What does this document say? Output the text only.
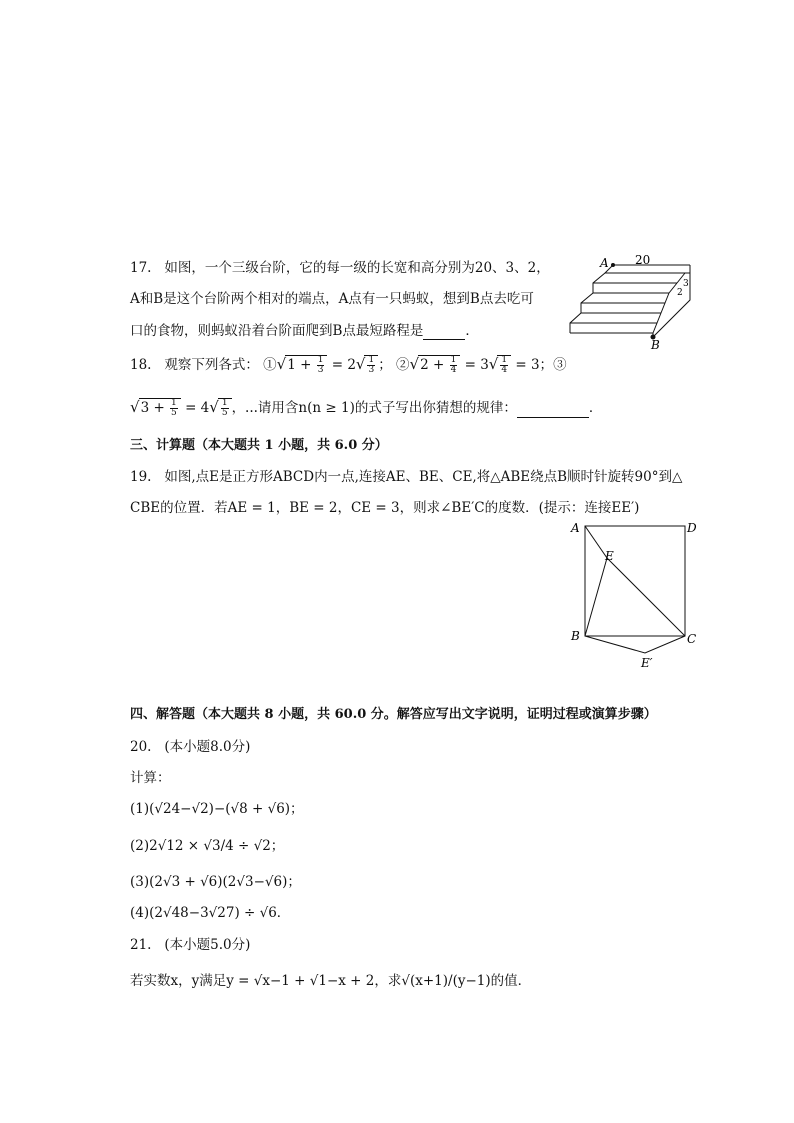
17. 如图，一个三级台阶，它的每一级的长宽和高分别为20、3、2，
A和B是这个台阶两个相对的端点，A点有一只蚂蚁，想到B点去吃可
口的食物，则蚂蚁沿着台阶面爬到B点最短路程是	．
A
B
20
3
2
18. 观察下列各式： ①√1 + $\frac{1}{3} = 2√ \frac{1}{3}$ ； ②√2 + $\frac{1}{4} = 3√ \frac{1}{4} = 3$；③
$√3 + \frac{1}{5} = 4√ \frac{1}{5}$ ，...请用含n(n ≥ 1)的式子写出你猜想的规律：	．
三、计算题（本大题共 1 小题，共 6.0 分）
19. 如图,点E是正方形ABCD内一点,连接AE、BE、CE,将△ABE绕点B顺时针旋转90°到△
CBE的位置．若AE = 1，BE = 2，CE = 3，则求∠BE′C的度数．(提示：连接EE′)
A	D
E
B	C
E′
四、解答题（本大题共 8 小题，共 60.0 分。解答应写出文字说明，证明过程或演算步骤）
20. (本小题8.0分)
计算：
(1)(√24−√2)−(√8 + √6)；
(2)2√12 × √3/4 ÷ √2；
(3)(2√3 + √6)(2√3−√6)；
(4)(2√48−3√27) ÷ √6．
21. (本小题5.0分)
若实数x，y满足y = √x−1 + √1−x + 2，求√(x+1)/(y−1)的值．
